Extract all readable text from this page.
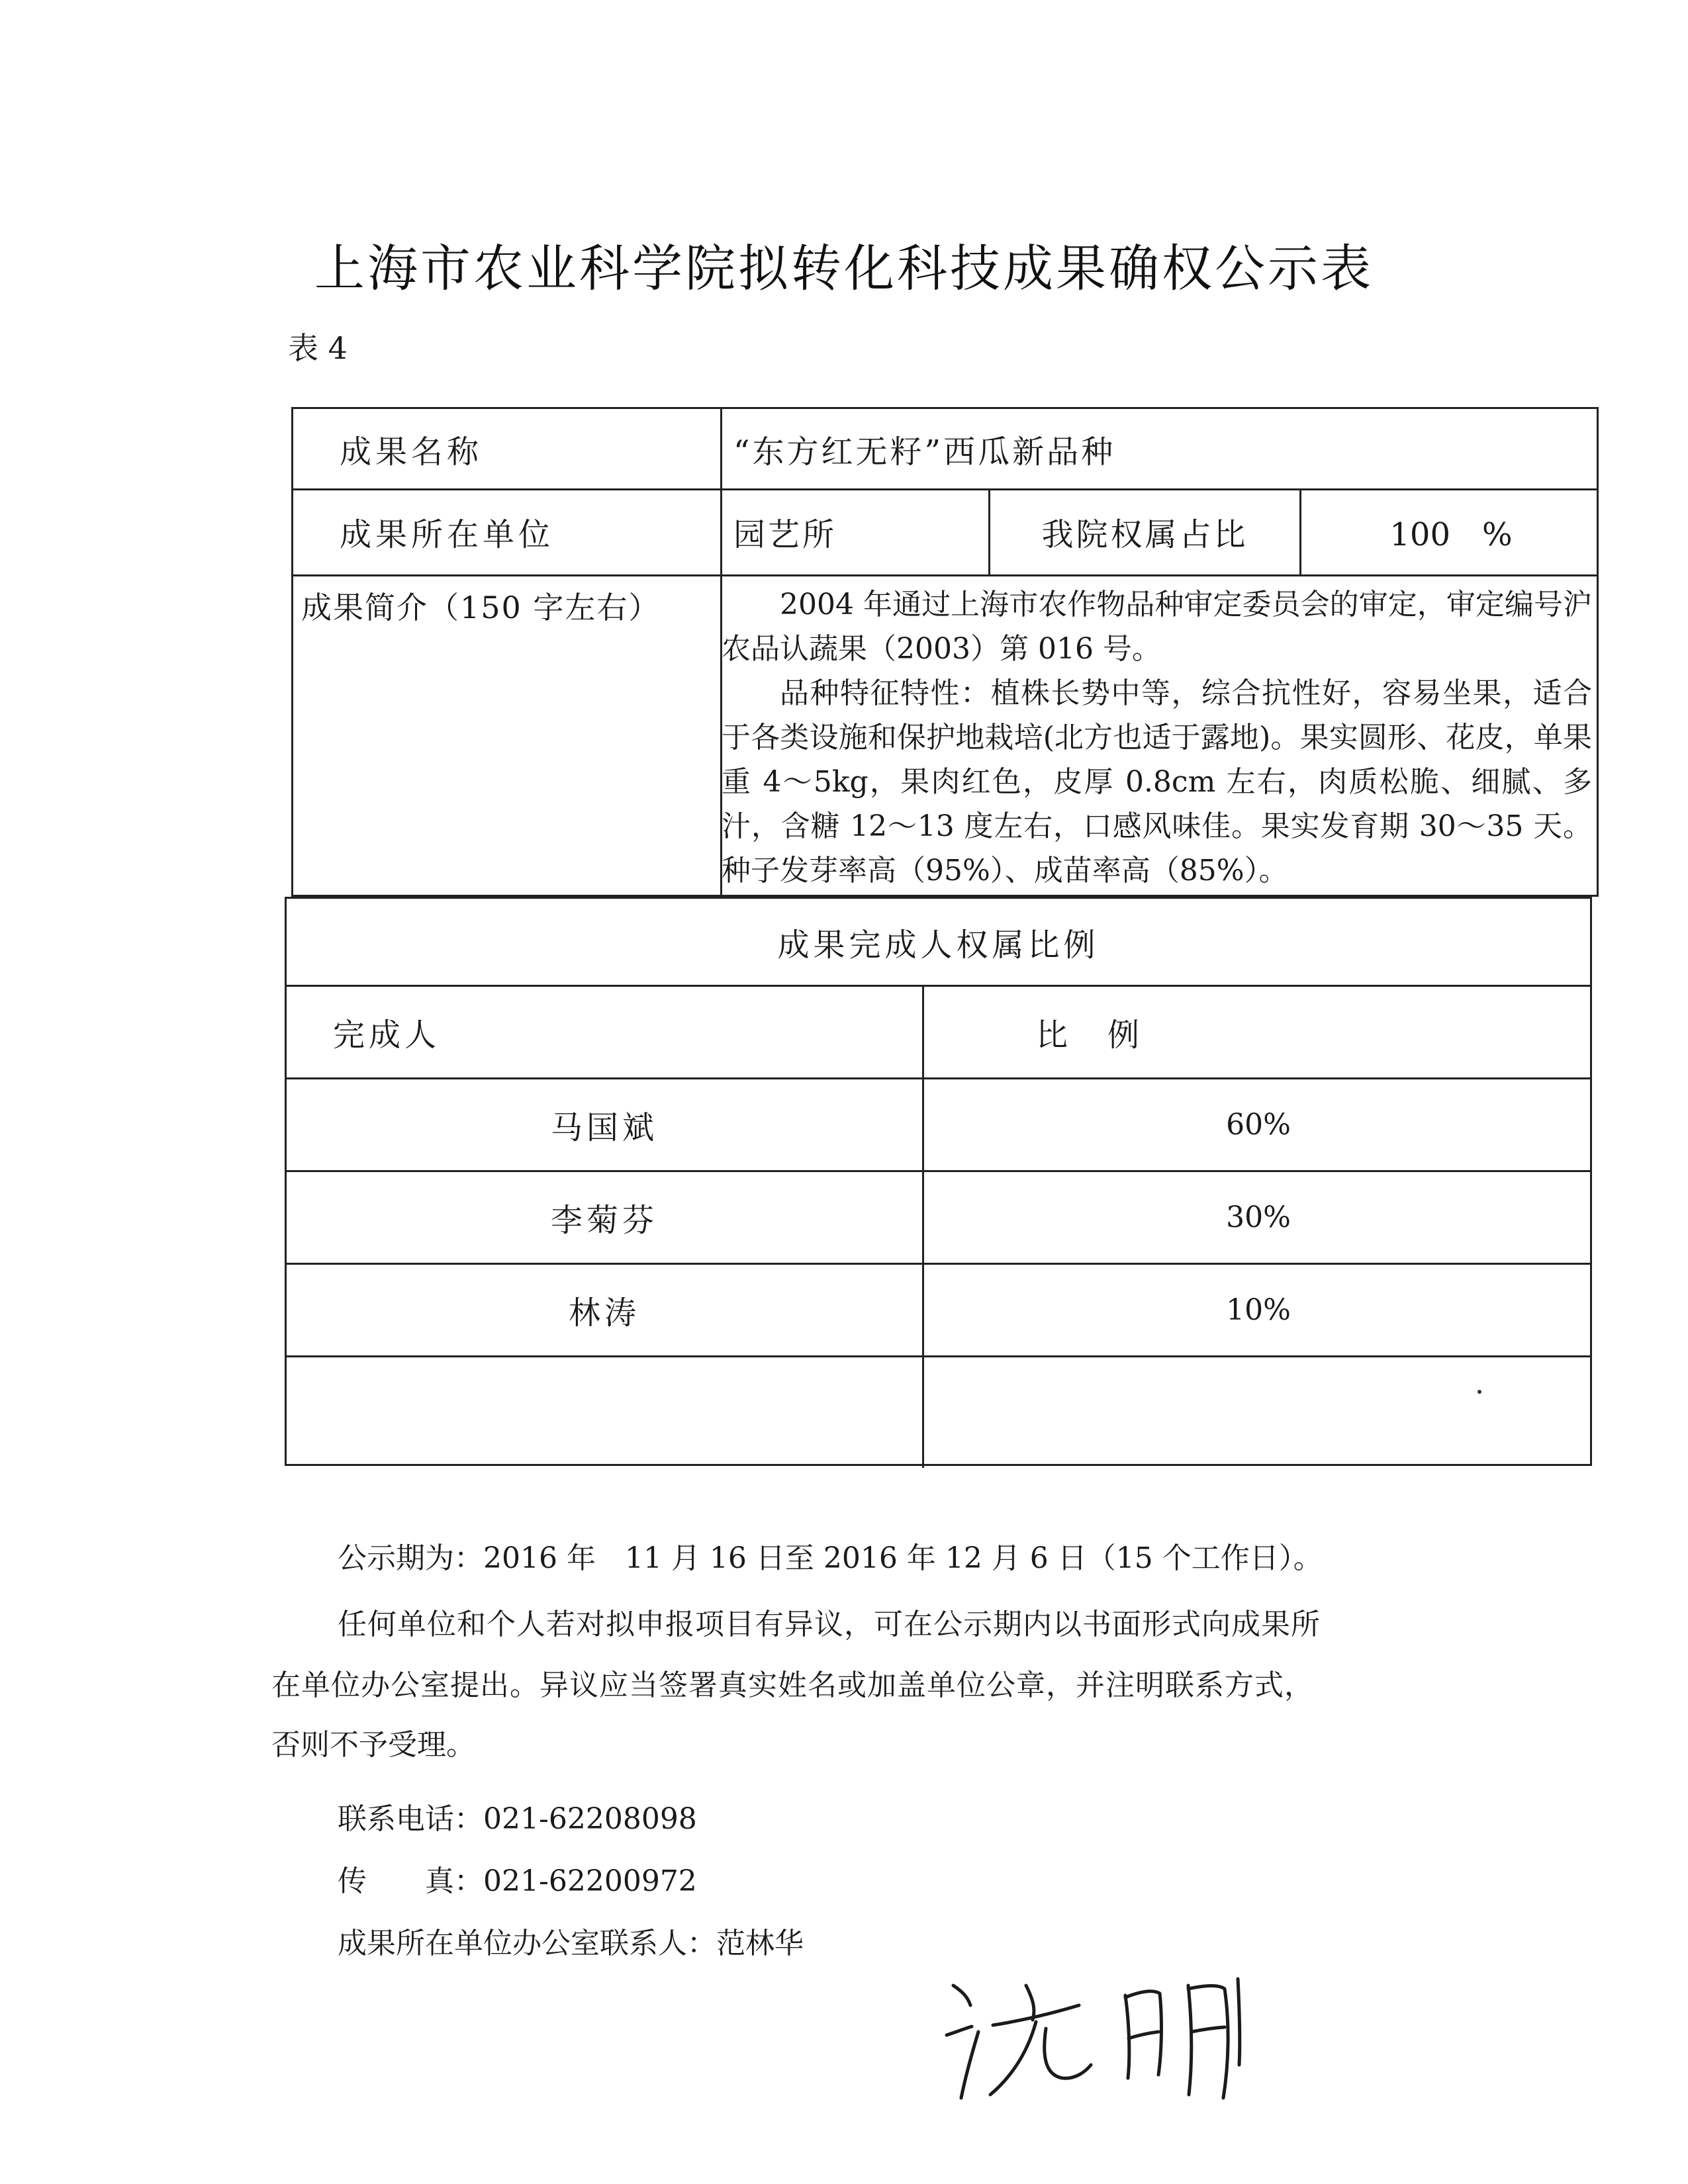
上海市农业科学院拟转化科技成果确权公示表
表 4
成果名称	“东方红无籽”西瓜新品种
成果所在单位	园艺所	我院权属占比	100　%
成果简介（150 字左右）	2004 年通过上海市农作物品种审定委员会的审定，审定编号沪农品认蔬果（2003）第 016 号。

品种特征特性：植株长势中等，综合抗性好，容易坐果，适合于各类设施和保护地栽培(北方也适于露地)。果实圆形、花皮，单果重 4～5kg，果肉红色，皮厚 0.8cm 左右，肉质松脆、细腻、多汁，含糖 12～13 度左右，口感风味佳。果实发育期 30～35 天。种子发芽率高（95%）、成苗率高（85%）。

成果完成人权属比例
完成人	比　例
马国斌	60%
李菊芬	30%
林涛	10%
公示期为：2016 年　11 月 16 日至 2016 年 12 月 6 日（15 个工作日）。
任何单位和个人若对拟申报项目有异议，可在公示期内以书面形式向成果所
在单位办公室提出。异议应当签署真实姓名或加盖单位公章，并注明联系方式，
否则不予受理。
联系电话：021-62208098
传　　真：021-62200972
成果所在单位办公室联系人：范林华
